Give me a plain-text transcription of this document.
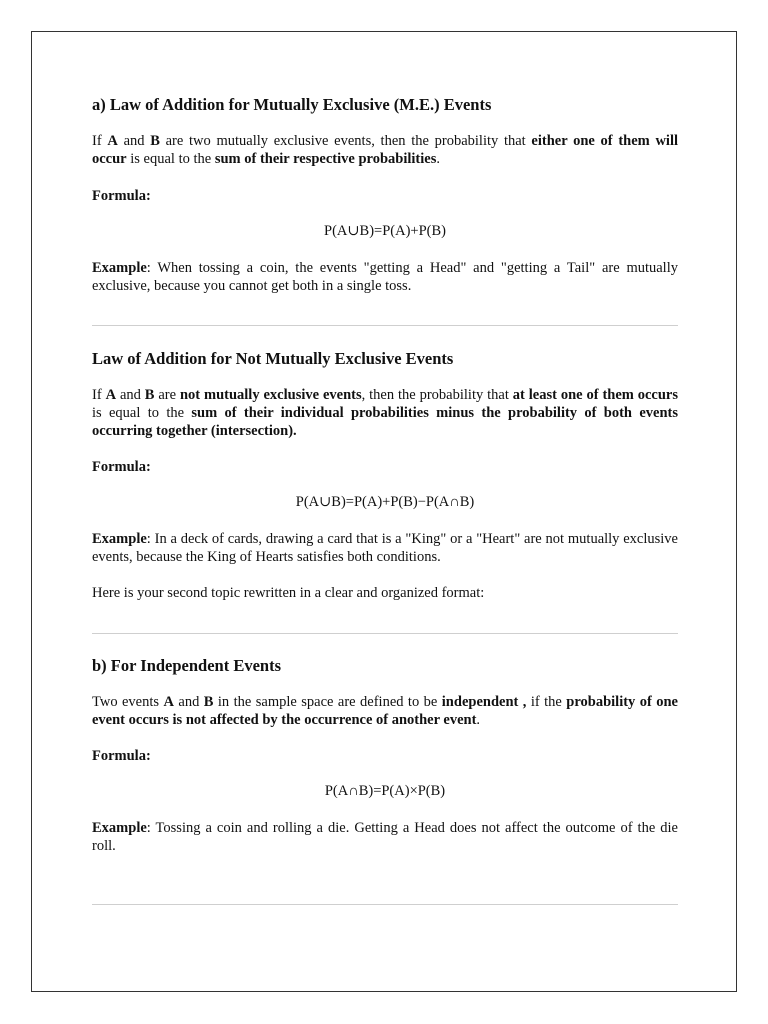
a) Law of Addition for Mutually Exclusive (M.E.) Events

If A and B are two mutually exclusive events, then the probability that either one of them will occur is equal to the sum of their respective probabilities.

Formula:

P(A∪B)=P(A)+P(B)

Example: When tossing a coin, the events "getting a Head" and "getting a Tail" are mutually exclusive, because you cannot get both in a single toss.

Law of Addition for Not Mutually Exclusive Events

If A and B are not mutually exclusive events, then the probability that at least one of them occurs is equal to the sum of their individual probabilities minus the probability of both events occurring together (intersection).

Formula:

P(A∪B)=P(A)+P(B)−P(A∩B)

Example: In a deck of cards, drawing a card that is a "King" or a "Heart" are not mutually exclusive events, because the King of Hearts satisfies both conditions.

Here is your second topic rewritten in a clear and organized format:

b) For Independent Events

Two events A and B in the sample space are defined to be independent , if the probability of one event occurs is not affected by the occurrence of another event.

Formula:

P(A∩B)=P(A)×P(B)

Example: Tossing a coin and rolling a die. Getting a Head does not affect the outcome of the die roll.
